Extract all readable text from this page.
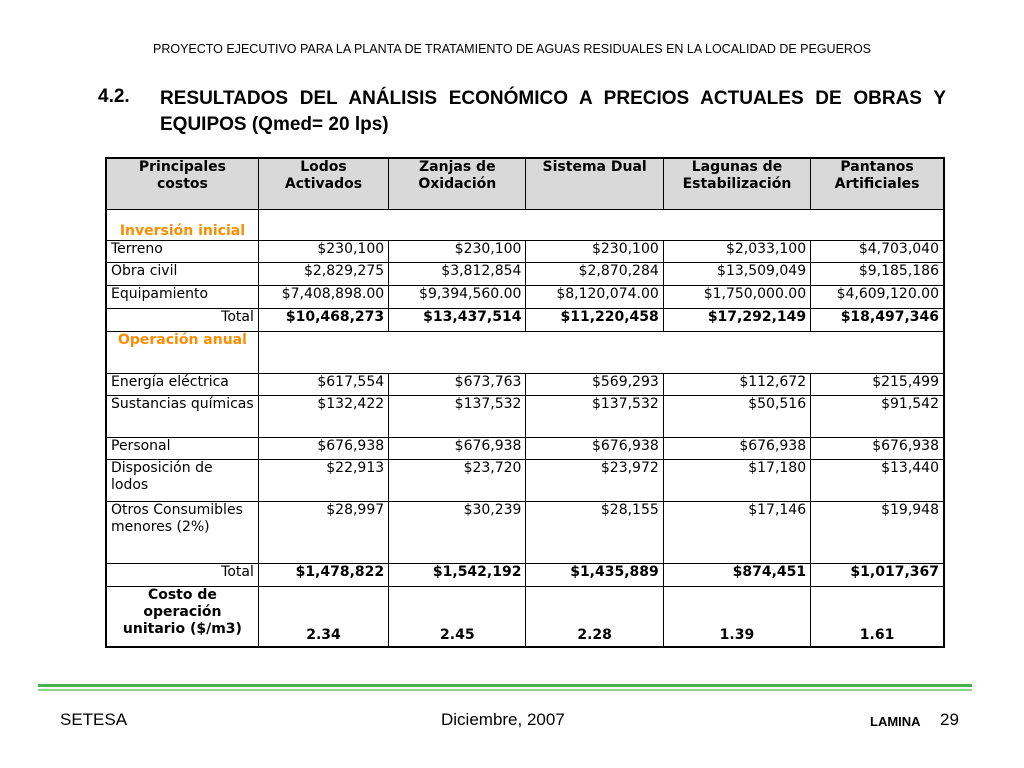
PROYECTO EJECUTIVO PARA LA PLANTA DE TRATAMIENTO DE AGUAS RESIDUALES EN LA LOCALIDAD DE PEGUEROS
4.2. RESULTADOS DEL ANÁLISIS ECONÓMICO A PRECIOS ACTUALES DE OBRAS Y EQUIPOS (Qmed= 20 lps)
Principales costos	Lodos Activados	Zanjas de Oxidación	Sistema Dual	Lagunas de Estabilización	Pantanos Artificiales
Inversión inicial					
Terreno	$230,100	$230,100	$230,100	$2,033,100	$4,703,040
Obra civil	$2,829,275	$3,812,854	$2,870,284	$13,509,049	$9,185,186
Equipamiento	$7,408,898.00	$9,394,560.00	$8,120,074.00	$1,750,000.00	$4,609,120.00
Total	$10,468,273	$13,437,514	$11,220,458	$17,292,149	$18,497,346
Operación anual					
Energía eléctrica	$617,554	$673,763	$569,293	$112,672	$215,499
Sustancias químicas	$132,422	$137,532	$137,532	$50,516	$91,542
Personal	$676,938	$676,938	$676,938	$676,938	$676,938
Disposición de lodos	$22,913	$23,720	$23,972	$17,180	$13,440
Otros Consumibles menores (2%)	$28,997	$30,239	$28,155	$17,146	$19,948
Total	$1,478,822	$1,542,192	$1,435,889	$874,451	$1,017,367
Costo de operación unitario ($/m3)	2.34	2.45	2.28	1.39	1.61
SETESA	Diciembre, 2007	LAMINA 29
